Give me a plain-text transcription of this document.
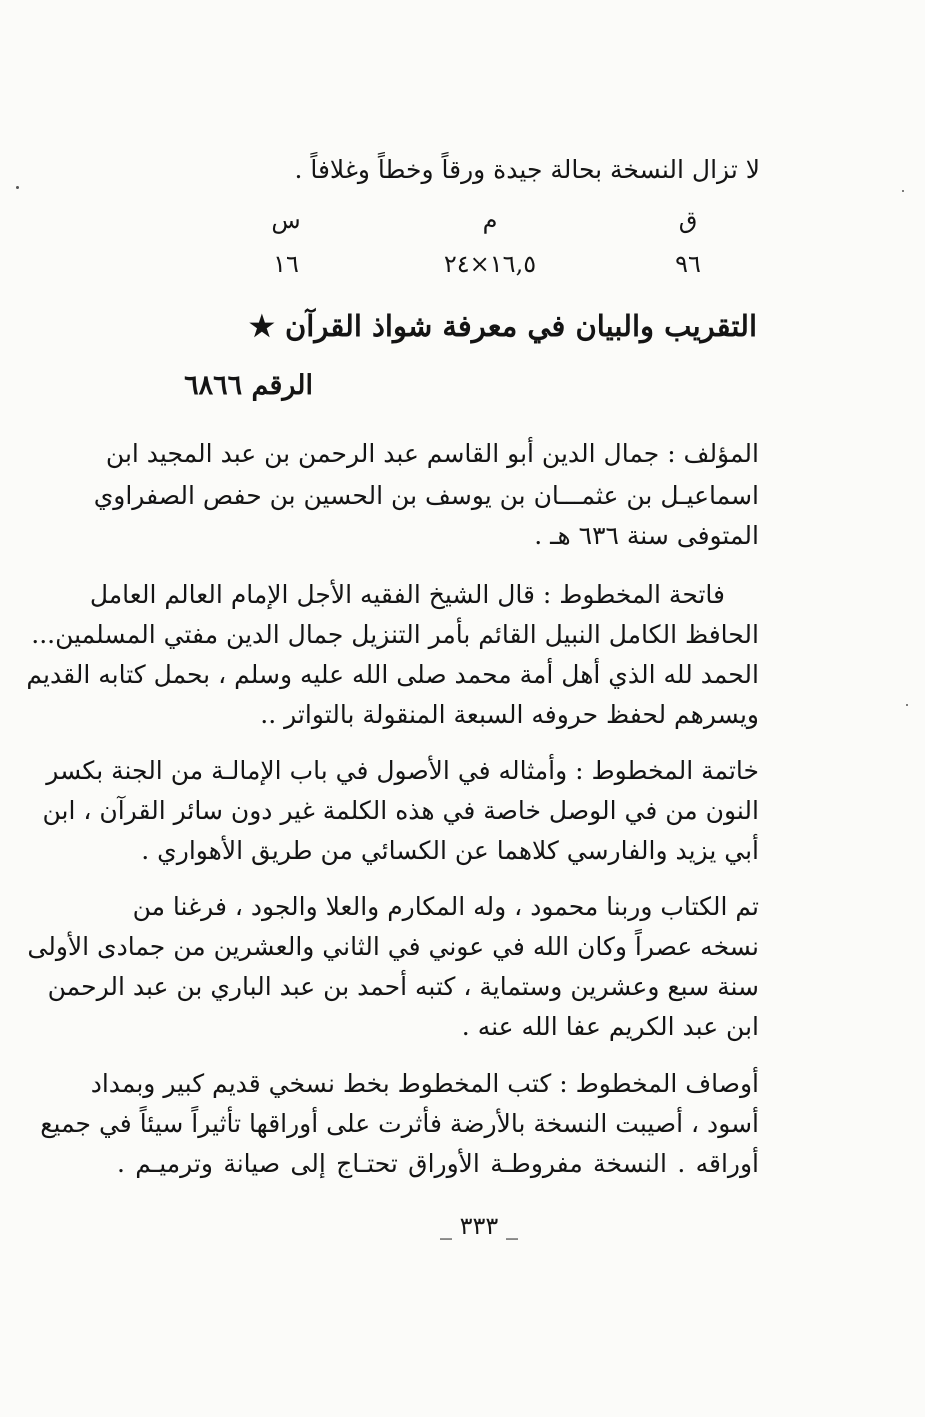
لا تزال النسخة بحالة جيدة ورقاً وخطاً وغلافاً .
ق
م
س
٩٦
١٦,٥×٢٤
١٦
التقريب والبيان في معرفة شواذ القرآن ★
الرقم ٦٨٦٦
المؤلف : جمال الدين أبو القاسم عبد الرحمن بن عبد المجيد ابن
اسماعيـل بن عثمـــان بن يوسف بن الحسين بن حفص الصفراوي
المتوفى سنة ٦٣٦ هـ .
فاتحة المخطوط : قال الشيخ الفقيه الأجل الإمام العالم العامل
الحافظ الكامل النبيل القائم بأمر التنزيل جمال الدين مفتي المسلمين...
الحمد لله الذي أهل أمة محمد صلى الله عليه وسلم ، بحمل كتابه القديم
ويسرهم لحفظ حروفه السبعة المنقولة بالتواتر ..
خاتمة المخطوط : وأمثاله في الأصول في باب الإمالـة من الجنة بكسر
النون من في الوصل خاصة في هذه الكلمة غير دون سائر القرآن ، ابن
أبي يزيد والفارسي كلاهما عن الكسائي من طريق الأهواري .
تم الكتاب وربنا محمود ، وله المكارم والعلا والجود ، فرغنا من
نسخه عصراً وكان الله في عوني في الثاني والعشرين من جمادى الأولى
سنة سبع وعشرين وستماية ، كتبه أحمد بن عبد الباري بن عبد الرحمن
ابن عبد الكريم عفا الله عنه .
أوصاف المخطوط : كتب المخطوط بخط نسخي قديم كبير وبمداد
أسود ، أصيبت النسخة بالأرضة فأثرت على أوراقها تأثيراً سيئاً في جميع
أوراقه . النسخة مفروطـة الأوراق تحتـاج إلى صيانة وترميـم .
_ ٣٣٣ _
